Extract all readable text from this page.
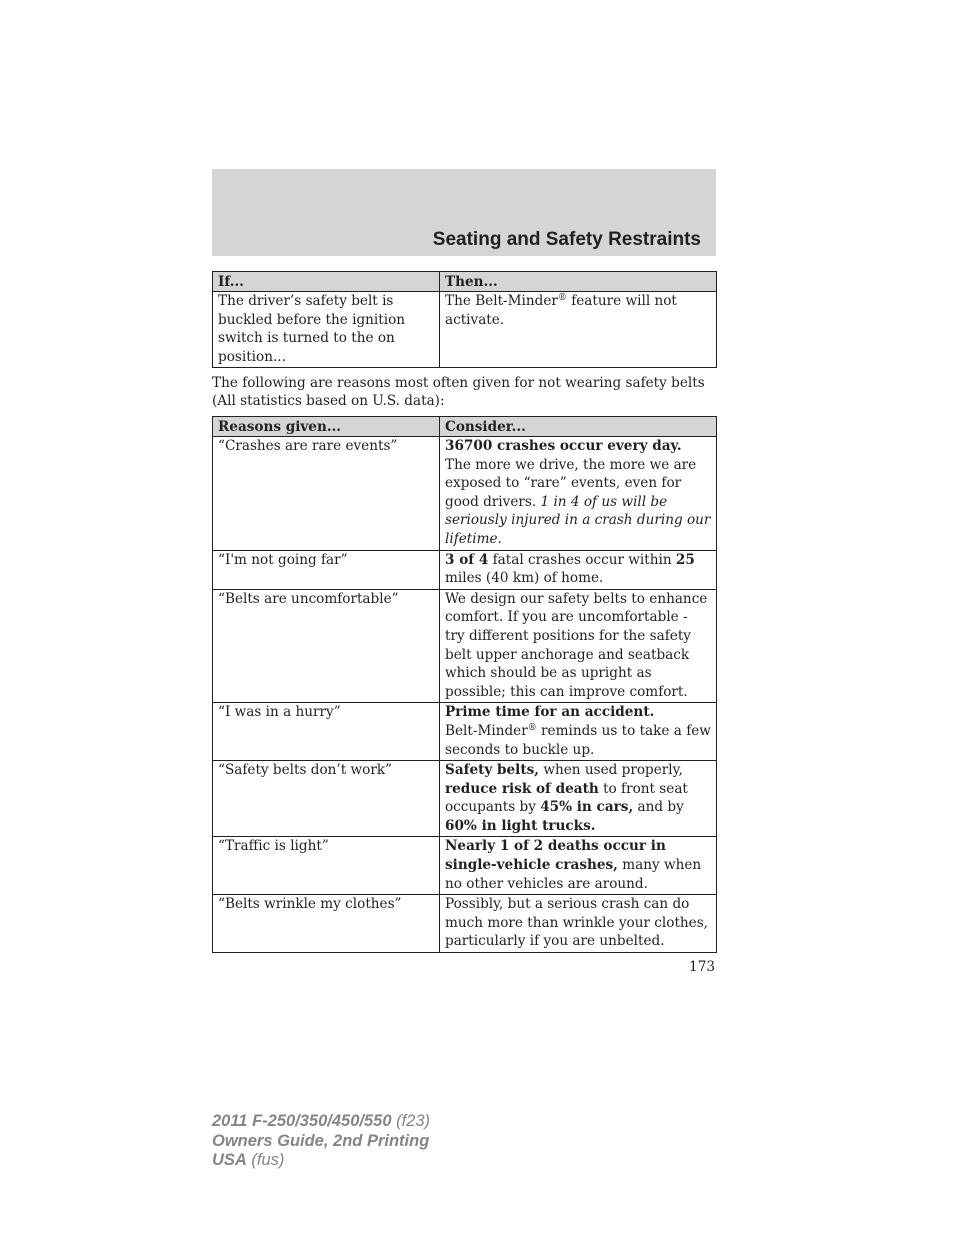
Seating and Safety Restraints
If...	Then...
The driver’s safety belt is buckled before the ignition switch is turned to the on position...	The Belt-Minder® feature will not activate.

The following are reasons most often given for not wearing safety belts (All statistics based on U.S. data):

Reasons given...	Consider...
“Crashes are rare events”	36700 crashes occur every day. The more we drive, the more we are exposed to “rare” events, even for good drivers. 1 in 4 of us will be seriously injured in a crash during our lifetime.
“I'm not going far”	3 of 4 fatal crashes occur within 25 miles (40 km) of home.
“Belts are uncomfortable”	We design our safety belts to enhance comfort. If you are uncomfortable - try different positions for the safety belt upper anchorage and seatback which should be as upright as possible; this can improve comfort.
“I was in a hurry”	Prime time for an accident.
Belt-Minder® reminds us to take a few seconds to buckle up.
“Safety belts don’t work”	Safety belts, when used properly, reduce risk of death to front seat occupants by 45% in cars, and by 60% in light trucks.
“Traffic is light”	Nearly 1 of 2 deaths occur in single-vehicle crashes, many when no other vehicles are around.
“Belts wrinkle my clothes”	Possibly, but a serious crash can do much more than wrinkle your clothes, particularly if you are unbelted.

173

2011 F-250/350/450/550 (f23)
Owners Guide, 2nd Printing
USA (fus)
